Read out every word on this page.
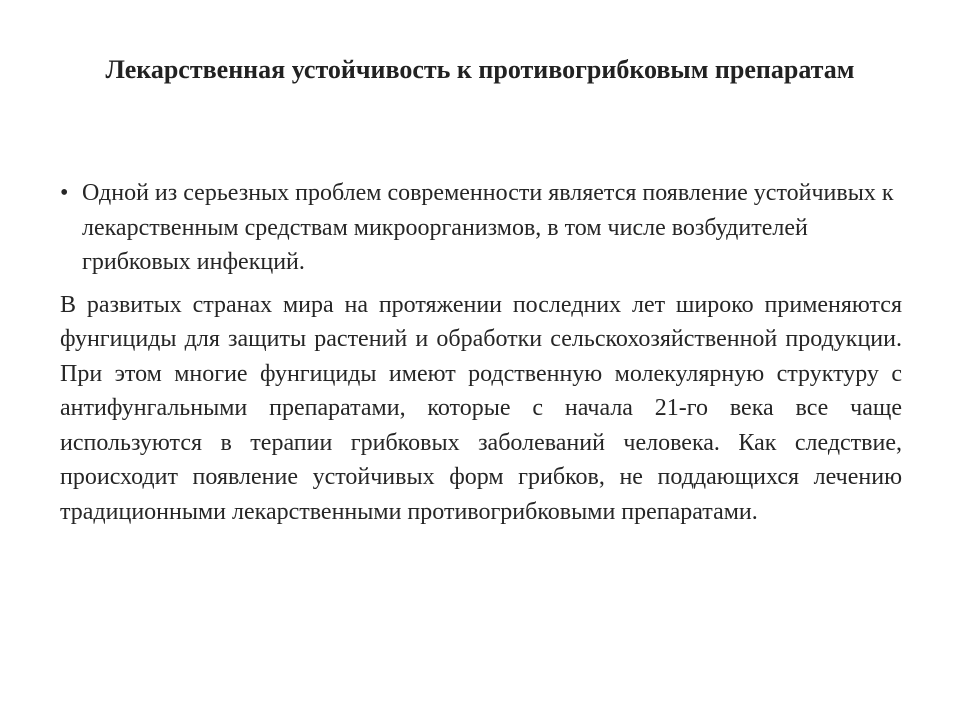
Лекарственная устойчивость к противогрибковым препаратам
• Одной из серьезных проблем современности является появление устойчивых к лекарственным средствам микроорганизмов, в том числе возбудителей грибковых инфекций.

В развитых странах мира на протяжении последних лет широко применяются фунгициды для защиты растений и обработки сельскохозяйственной продукции. При этом многие фунгициды имеют родственную молекулярную структуру с антифунгальными препаратами, которые с начала 21-го века все чаще используются в терапии грибковых заболеваний человека. Как следствие, происходит появление устойчивых форм грибков, не поддающихся лечению традиционными лекарственными противогрибковыми препаратами.
